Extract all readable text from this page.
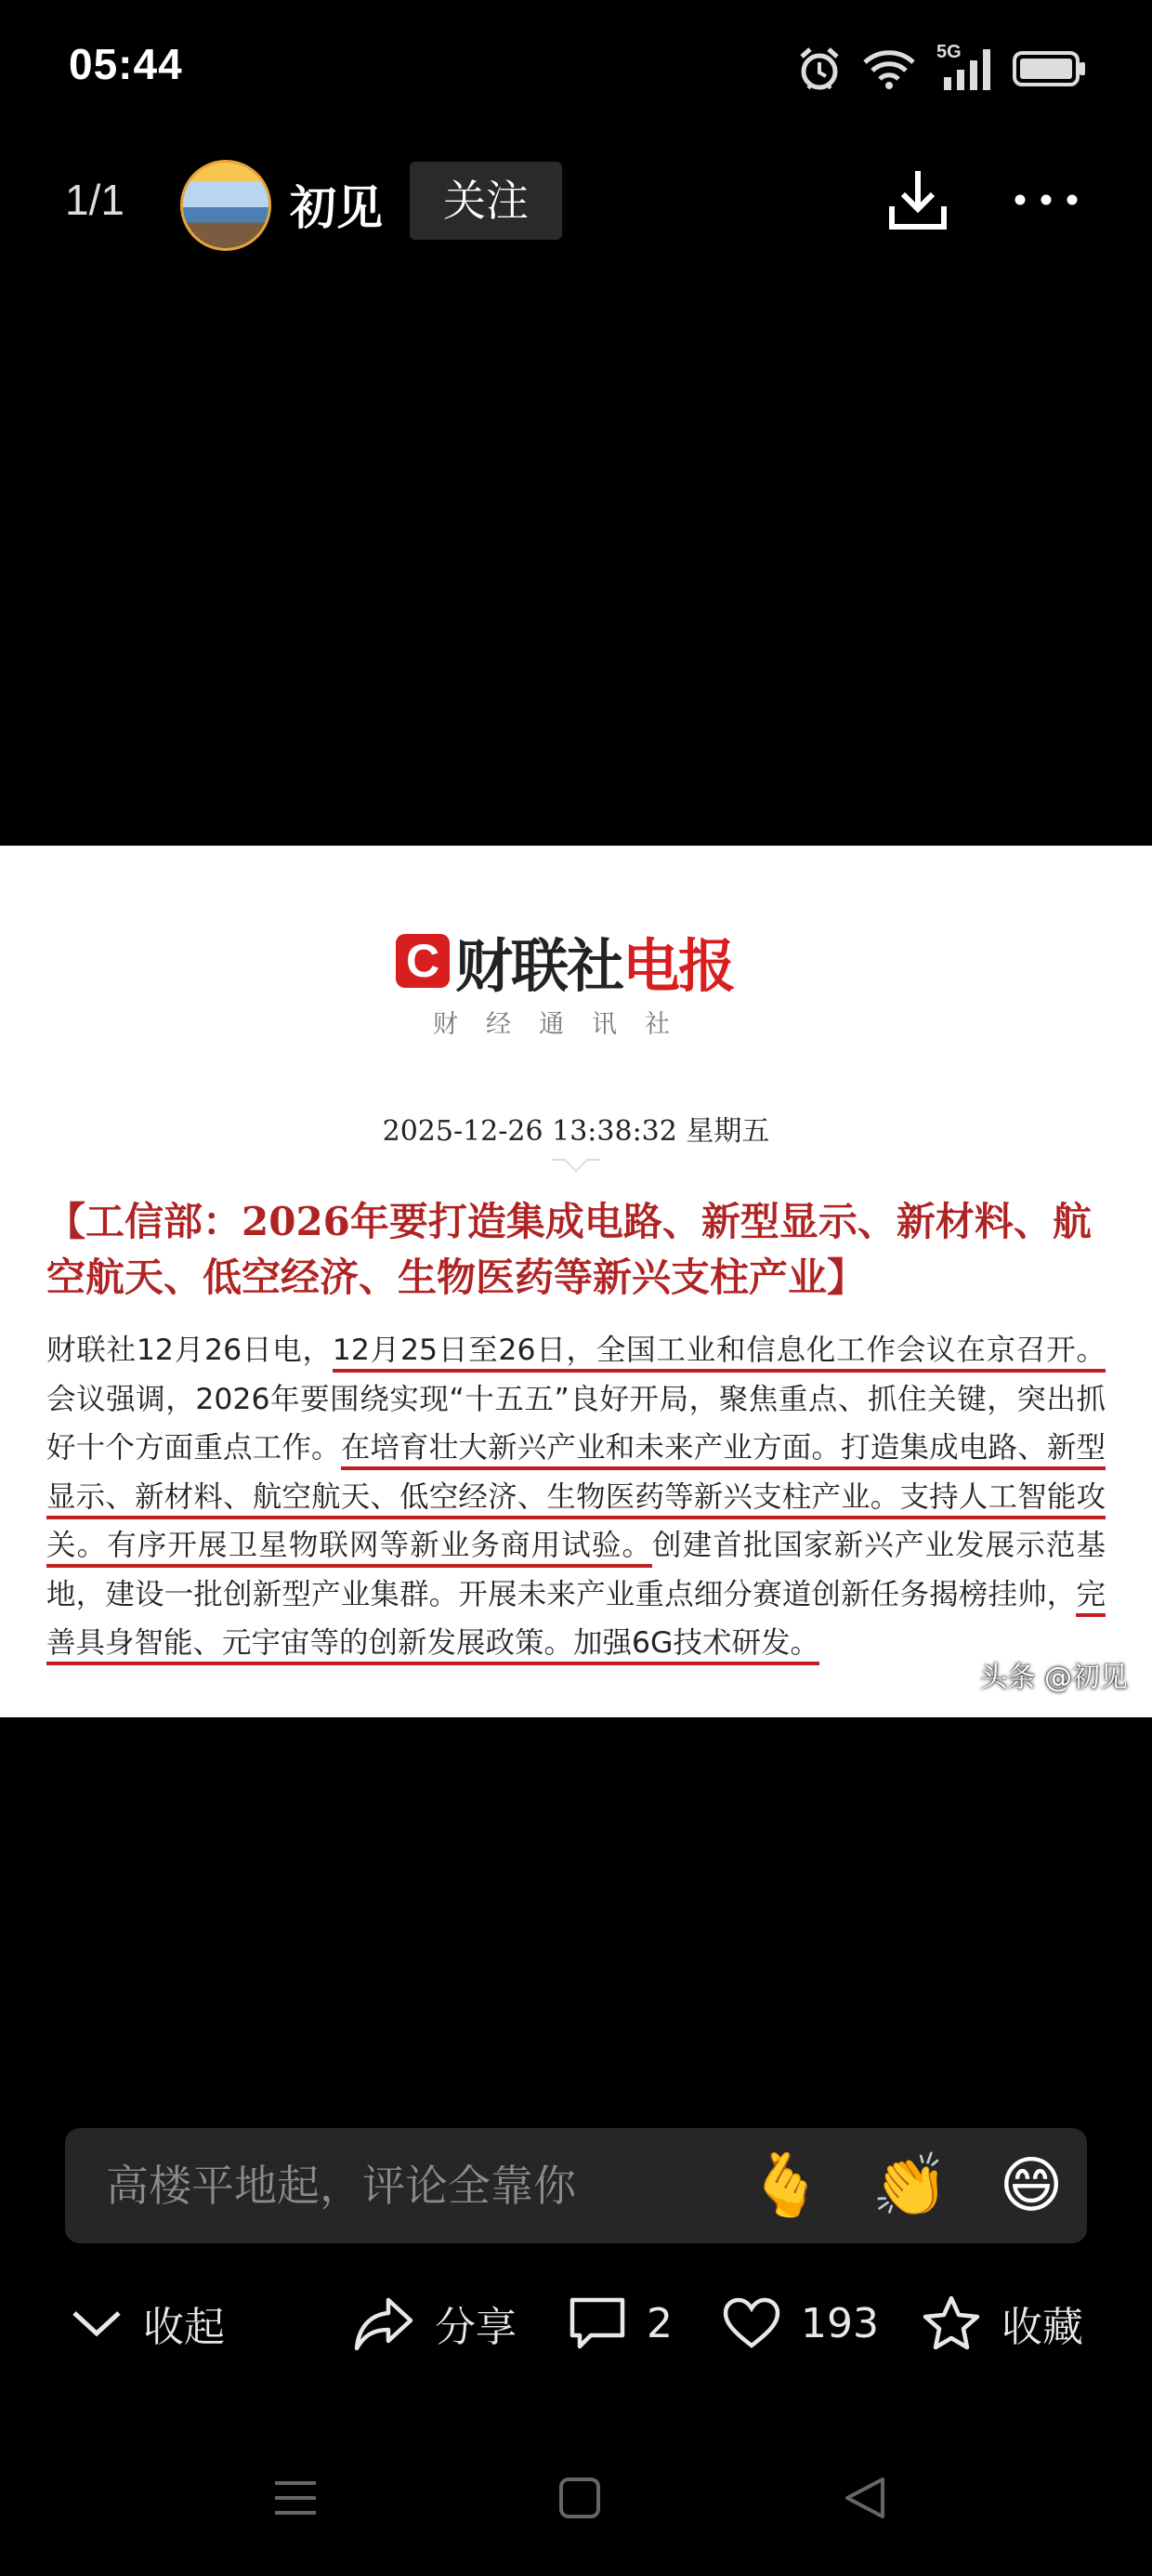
05:44	5G
1/1	初见	关注
C 财联社 电报
财经通讯社
2025-12-26 13:38:32 星期五
【工信部：2026年要打造集成电路、新型显示、新材料、航空航天、低空经济、生物医药等新兴支柱产业】
财联社12月26日电，12月25日至26日，全国工业和信息化工作会议在京召开。会议强调，2026年要围绕实现“十五五”良好开局，聚焦重点、抓住关键，突出抓好十个方面重点工作。在培育壮大新兴产业和未来产业方面。打造集成电路、新型显示、新材料、航空航天、低空经济、生物医药等新兴支柱产业。支持人工智能攻关。有序开展卫星物联网等新业务商用试验。创建首批国家新兴产业发展示范基地，建设一批创新型产业集群。开展未来产业重点细分赛道创新任务揭榜挂帅，完善具身智能、元宇宙等的创新发展政策。加强6G技术研发。
头条 @初见
高楼平地起，评论全靠你	🫰 👏 😄
收起	分享	2	193	收藏
